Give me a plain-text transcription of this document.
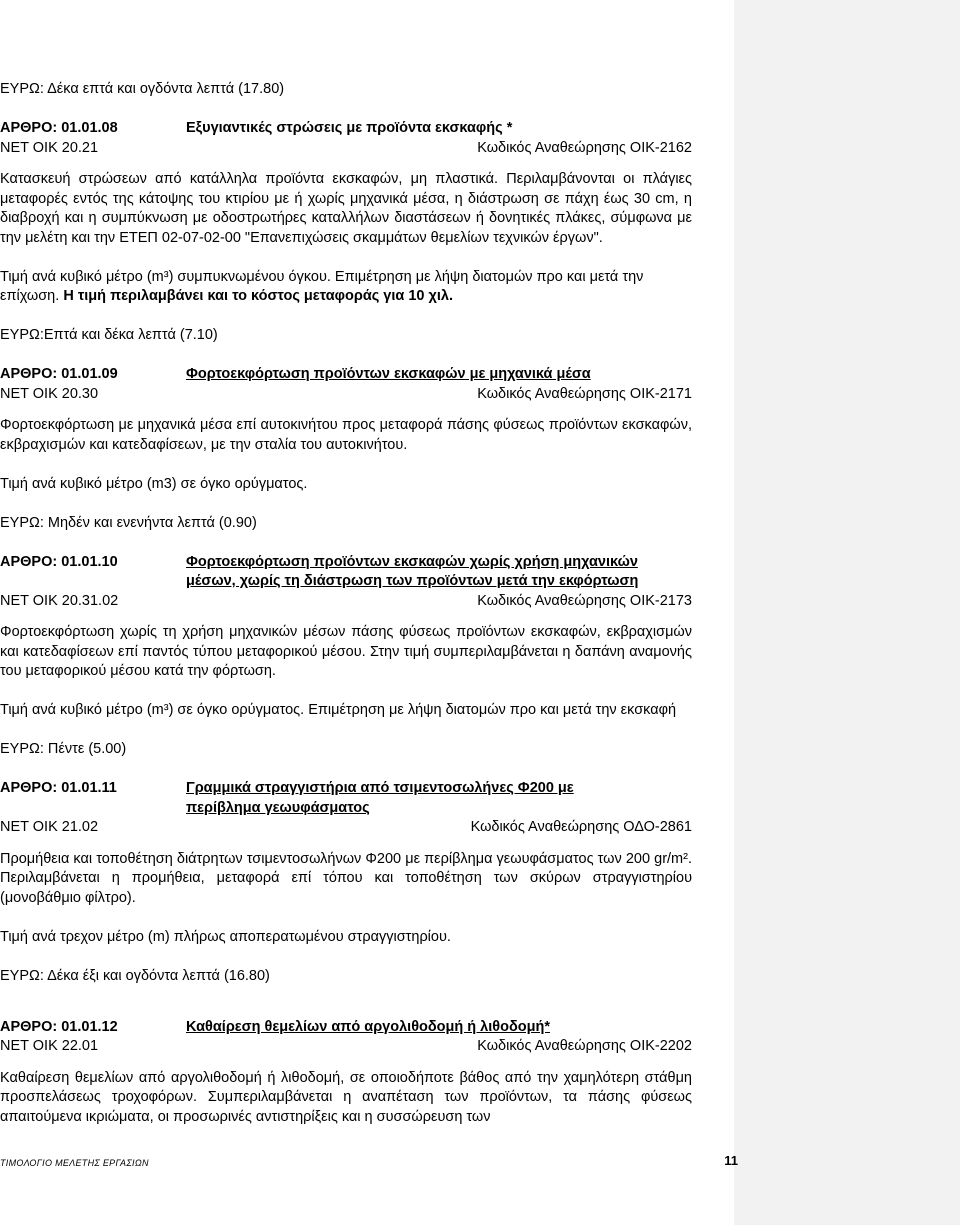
ΕΥΡΩ: Δέκα επτά και ογδόντα λεπτά (17.80)

ΑΡΘΡΟ: 01.01.08	Εξυγιαντικές στρώσεις με προϊόντα εκσκαφής *
ΝΕΤ ΟΙΚ 20.21	Κωδικός Αναθεώρησης ΟΙΚ-2162

Κατασκευή στρώσεων από κατάλληλα προϊόντα εκσκαφών, μη πλαστικά. Περιλαμβάνονται οι πλάγιες μεταφορές εντός της κάτοψης του κτιρίου με ή χωρίς μηχανικά μέσα, η διάστρωση σε πάχη έως 30 cm, η διαβροχή και η συμπύκνωση με οδοστρωτήρες καταλλήλων διαστάσεων ή δονητικές πλάκες, σύμφωνα με την μελέτη και την ΕΤΕΠ 02-07-02-00 "Επανεπιχώσεις σκαμμάτων θεμελίων τεχνικών έργων".

Τιμή ανά κυβικό μέτρο (m³) συμπυκνωμένου όγκου. Επιμέτρηση με λήψη διατομών προ και μετά την επίχωση. Η τιμή περιλαμβάνει και το κόστος μεταφοράς για 10 χιλ.

ΕΥΡΩ:Επτά και δέκα λεπτά (7.10)

ΑΡΘΡΟ: 01.01.09	Φορτοεκφόρτωση προϊόντων εκσκαφών με μηχανικά μέσα
ΝΕΤ ΟΙΚ 20.30	Κωδικός Αναθεώρησης ΟΙΚ-2171

Φορτοεκφόρτωση με μηχανικά μέσα επί αυτοκινήτου προς μεταφορά πάσης φύσεως προϊόντων εκσκαφών, εκβραχισμών και κατεδαφίσεων, με την σταλία του αυτοκινήτου.

Τιμή ανά κυβικό μέτρο (m3) σε όγκο ορύγματος.

ΕΥΡΩ: Μηδέν και ενενήντα λεπτά (0.90)

ΑΡΘΡΟ: 01.01.10	Φορτοεκφόρτωση προϊόντων εκσκαφών χωρίς χρήση μηχανικών
μέσων, χωρίς τη διάστρωση των προϊόντων μετά την εκφόρτωση
ΝΕΤ ΟΙΚ 20.31.02	Κωδικός Αναθεώρησης ΟΙΚ-2173

Φορτοεκφόρτωση χωρίς τη χρήση μηχανικών μέσων πάσης φύσεως προϊόντων εκσκαφών, εκβραχισμών και κατεδαφίσεων επί παντός τύπου μεταφορικού μέσου. Στην τιμή συμπεριλαμβάνεται η δαπάνη αναμονής του μεταφορικού μέσου κατά την φόρτωση.

Τιμή ανά κυβικό μέτρο (m³) σε όγκο ορύγματος. Επιμέτρηση με λήψη διατομών προ και μετά την εκσκαφή

ΕΥΡΩ: Πέντε (5.00)

ΑΡΘΡΟ: 01.01.11	Γραμμικά στραγγιστήρια από τσιμεντοσωλήνες Φ200 με
περίβλημα γεωυφάσματος
ΝΕΤ ΟΙΚ 21.02	Κωδικός Αναθεώρησης ΟΔΟ-2861

Προμήθεια και τοποθέτηση διάτρητων τσιμεντοσωλήνων Φ200 με περίβλημα γεωυφάσματος των 200 gr/m². Περιλαμβάνεται η προμήθεια, μεταφορά επί τόπου και τοποθέτηση των σκύρων στραγγιστηρίου (μονοβάθμιο φίλτρο).

Τιμή ανά τρεχον μέτρο (m) πλήρως αποπερατωμένου στραγγιστηρίου.

ΕΥΡΩ: Δέκα έξι και ογδόντα λεπτά (16.80)

ΑΡΘΡΟ: 01.01.12	Καθαίρεση θεμελίων από αργολιθοδομή ή λιθοδομή*
ΝΕΤ ΟΙΚ 22.01	Κωδικός Αναθεώρησης ΟΙΚ-2202

Καθαίρεση θεμελίων από αργολιθοδομή ή λιθοδομή, σε οποιοδήποτε βάθος από την χαμηλότερη στάθμη προσπελάσεως τροχοφόρων. Συμπεριλαμβάνεται η αναπέταση των προϊόντων, τα πάσης φύσεως απαιτούμενα ικριώματα, οι προσωρινές αντιστηρίξεις και η συσσώρευση των

ΤΙΜΟΛΟΓΙΟ ΜΕΛΕΤΗΣ ΕΡΓΑΣΙΩΝ	11
